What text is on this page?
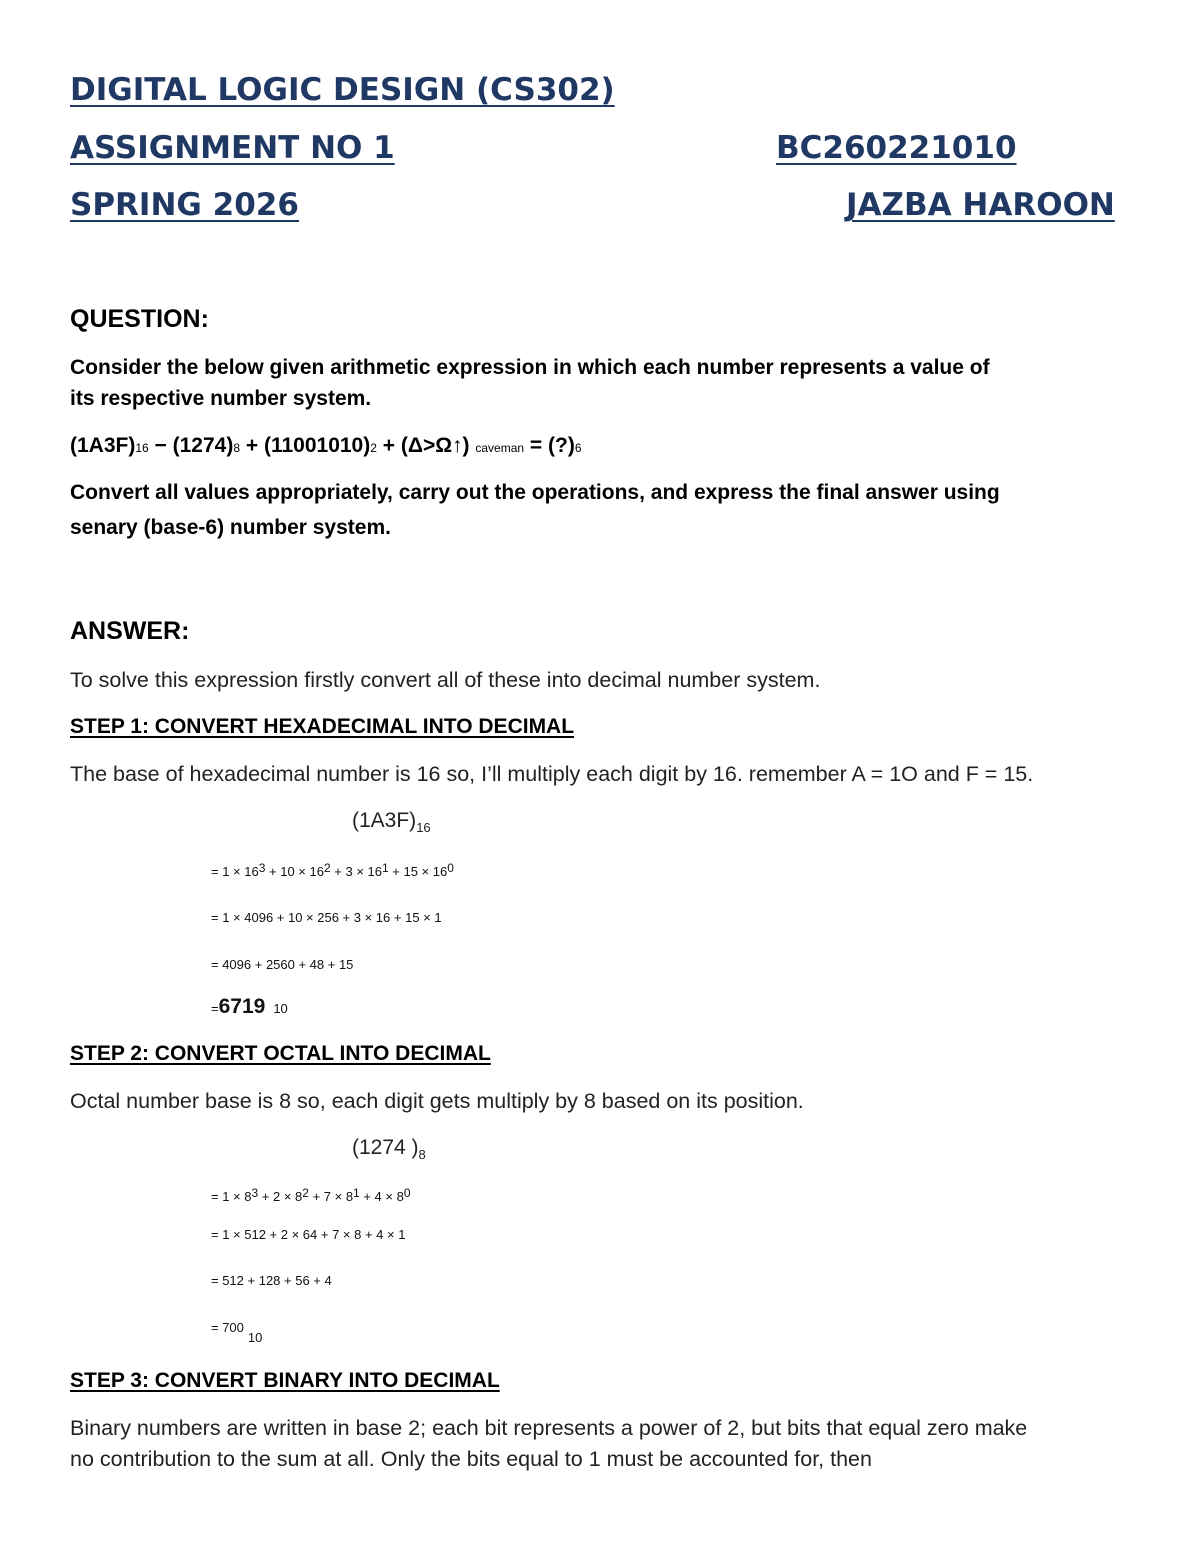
DIGITAL LOGIC DESIGN (CS302)
ASSIGNMENT NO 1	BC260221010
SPRING 2026	JAZBA HAROON
QUESTION:
Consider the below given arithmetic expression in which each number represents a value of
its respective number system.
(1A3F)16 − (1274)8 + (11001010)2 + (Δ>Ω↑) caveman = (?)6
Convert all values appropriately, carry out the operations, and express the final answer using
senary (base-6) number system.
ANSWER:
To solve this expression firstly convert all of these into decimal number system.
STEP 1: CONVERT HEXADECIMAL INTO DECIMAL
The base of hexadecimal number is 16 so, I’ll multiply each digit by 16. remember A = 1O and F = 15.
$(1A3F)_{16}$
= $1 \times 16^3 + 10 \times 16^2 + 3 \times 16^1 + 15 \times 16^0$
= 1 × 4096 + 10 × 256 + 3 × 16 + 15 × 1
= 4096 + 2560 + 48 + 15
=6719 10
STEP 2: CONVERT OCTAL INTO DECIMAL
Octal number base is 8 so, each digit gets multiply by 8 based on its position.
(1274 )$_8$
= $1 \times 8^3 + 2 \times 8^2 + 7 \times 8^1 + 4 \times 8^0$
= 1 × 512 + 2 × 64 + 7 × 8 + 4 × 1
= 512 + 128 + 56 + 4
= 70010
STEP 3: CONVERT BINARY INTO DECIMAL
Binary numbers are written in base 2; each bit represents a power of 2, but bits that equal zero make
no contribution to the sum at all. Only the bits equal to 1 must be accounted for, then
